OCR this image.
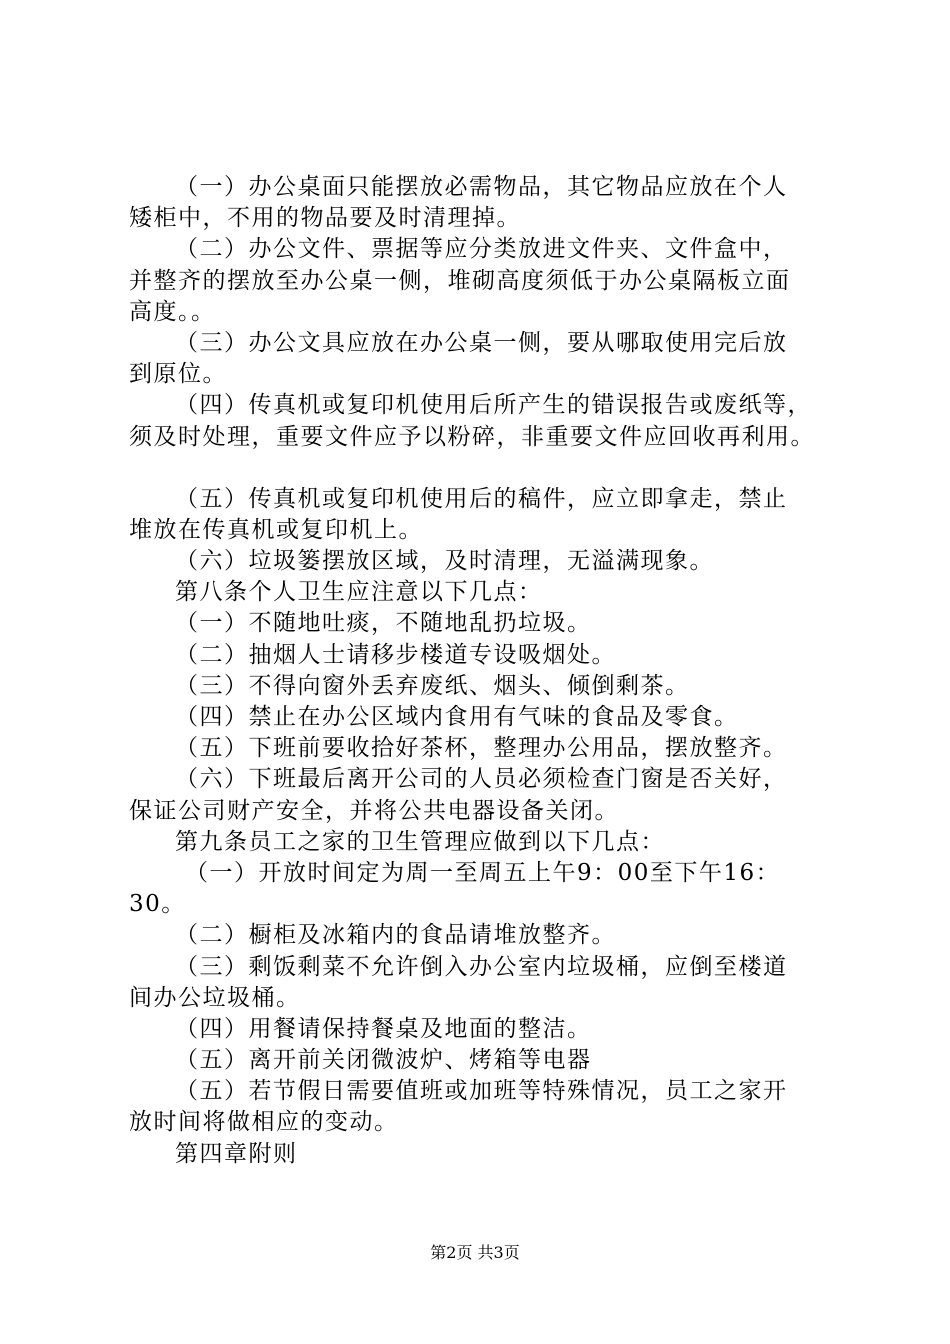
（一）办公桌面只能摆放必需物品，其它物品应放在个人
矮柜中，不用的物品要及时清理掉。
（二）办公文件、票据等应分类放进文件夹、文件盒中，
并整齐的摆放至办公桌一侧，堆砌高度须低于办公桌隔板立面
高度。。
（三）办公文具应放在办公桌一侧，要从哪取使用完后放
到原位。
（四）传真机或复印机使用后所产生的错误报告或废纸等，
须及时处理，重要文件应予以粉碎，非重要文件应回收再利用。
（五）传真机或复印机使用后的稿件，应立即拿走，禁止
堆放在传真机或复印机上。
（六）垃圾篓摆放区域，及时清理，无溢满现象。
第八条个人卫生应注意以下几点：
（一）不随地吐痰，不随地乱扔垃圾。
（二）抽烟人士请移步楼道专设吸烟处。
（三）不得向窗外丢弃废纸、烟头、倾倒剩茶。
（四）禁止在办公区域内食用有气味的食品及零食。
（五）下班前要收拾好茶杯，整理办公用品，摆放整齐。
（六）下班最后离开公司的人员必须检查门窗是否关好，
保证公司财产安全，并将公共电器设备关闭。
第九条员工之家的卫生管理应做到以下几点：
（一）开放时间定为周一至周五上午9：00至下午16：
30。
（二）橱柜及冰箱内的食品请堆放整齐。
（三）剩饭剩菜不允许倒入办公室内垃圾桶，应倒至楼道
间办公垃圾桶。
（四）用餐请保持餐桌及地面的整洁。
（五）离开前关闭微波炉、烤箱等电器
（五）若节假日需要值班或加班等特殊情况，员工之家开
放时间将做相应的变动。
第四章附则
第2页 共3页
